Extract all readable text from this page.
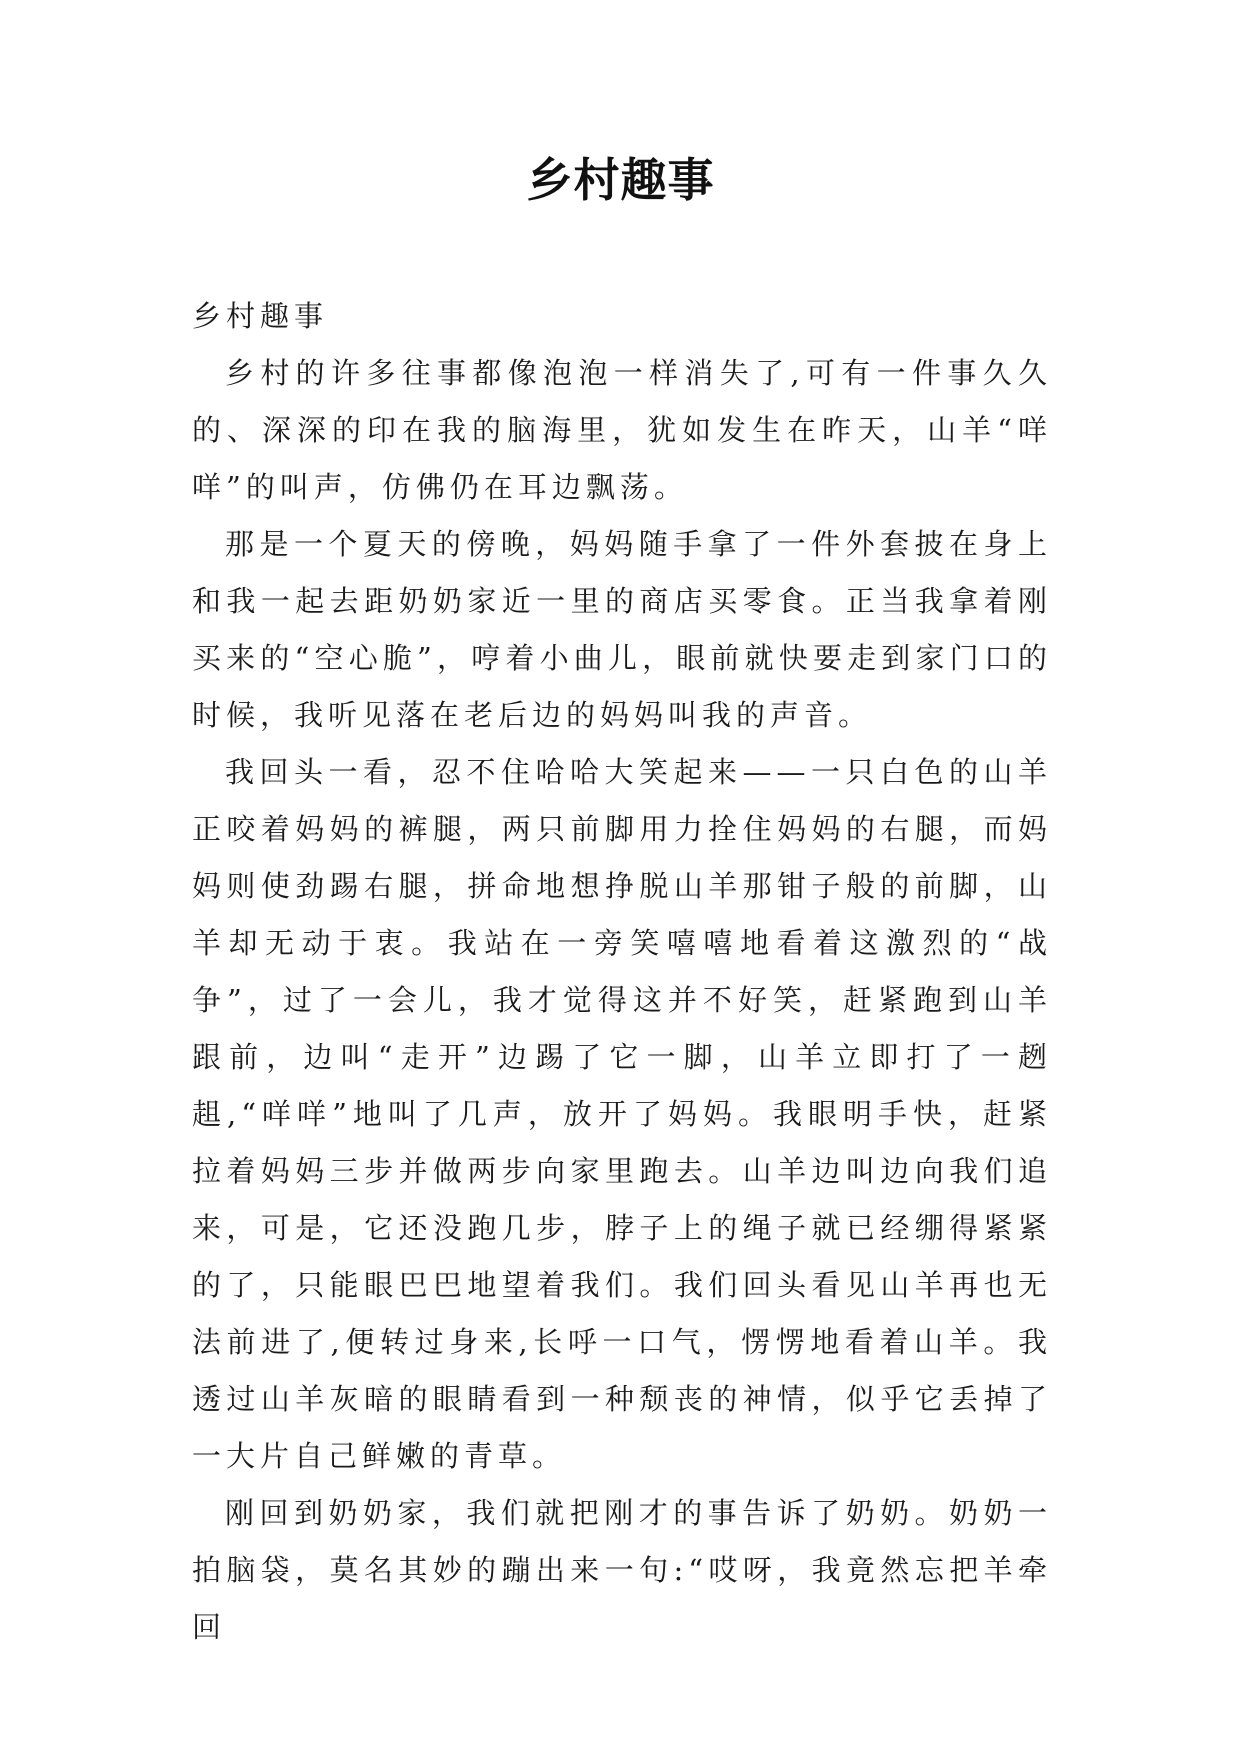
乡村趣事

乡村趣事

乡村的许多往事都像泡泡一样消失了,可有一件事久久的、深深的印在我的脑海里，犹如发生在昨天，山羊“咩咩”的叫声，仿佛仍在耳边飘荡。

那是一个夏天的傍晚，妈妈随手拿了一件外套披在身上和我一起去距奶奶家近一里的商店买零食。正当我拿着刚买来的“空心脆”，哼着小曲儿，眼前就快要走到家门口的时候，我听见落在老后边的妈妈叫我的声音。

我回头一看，忍不住哈哈大笑起来——一只白色的山羊正咬着妈妈的裤腿，两只前脚用力拴住妈妈的右腿，而妈妈则使劲踢右腿，拼命地想挣脱山羊那钳子般的前脚，山羊却无动于衷。我站在一旁笑嘻嘻地看着这激烈的“战争”，过了一会儿，我才觉得这并不好笑，赶紧跑到山羊跟前，边叫“走开”边踢了它一脚，山羊立即打了一趔趄,“咩咩”地叫了几声，放开了妈妈。我眼明手快，赶紧拉着妈妈三步并做两步向家里跑去。山羊边叫边向我们追来，可是，它还没跑几步，脖子上的绳子就已经绷得紧紧的了，只能眼巴巴地望着我们。我们回头看见山羊再也无法前进了,便转过身来,长呼一口气，愣愣地看着山羊。我透过山羊灰暗的眼睛看到一种颓丧的神情，似乎它丢掉了一大片自己鲜嫩的青草。

刚回到奶奶家，我们就把刚才的事告诉了奶奶。奶奶一拍脑袋，莫名其妙的蹦出来一句:“哎呀，我竟然忘把羊牵回
